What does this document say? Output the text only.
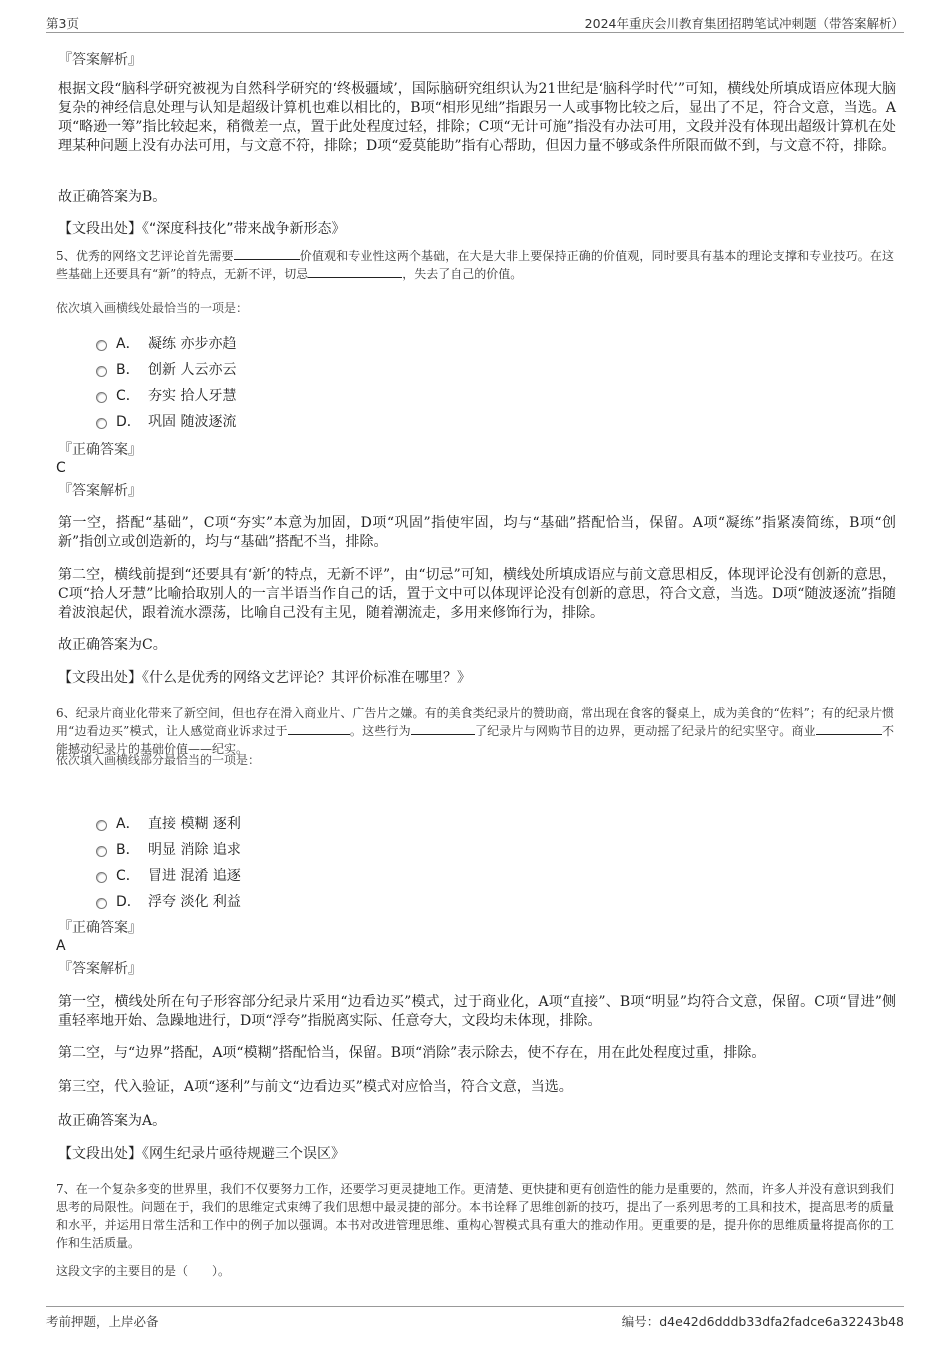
第3页	2024年重庆会川教育集团招聘笔试冲刺题（带答案解析）
『答案解析』
根据文段“脑科学研究被视为自然科学研究的‘终极疆域’，国际脑研究组织认为21世纪是‘脑科学时代’”可知，横线处所填成语应体现大脑复杂的神经信息处理与认知是超级计算机也难以相比的，B项“相形见绌”指跟另一人或事物比较之后，显出了不足，符合文意，当选。A项“略逊一筹”指比较起来，稍微差一点，置于此处程度过轻，排除；C项“无计可施”指没有办法可用，文段并没有体现出超级计算机在处理某种问题上没有办法可用，与文意不符，排除；D项“爱莫能助”指有心帮助，但因力量不够或条件所限而做不到，与文意不符，排除。
故正确答案为B。
【文段出处】《“深度科技化”带来战争新形态》
5、优秀的网络文艺评论首先需要	价值观和专业性这两个基础，在大是大非上要保持正确的价值观，同时要具有基本的理论支撑和专业技巧。在这些基础上还要具有“新”的特点，无新不评，切忌	，失去了自己的价值。
依次填入画横线处最恰当的一项是：
A． 凝练 亦步亦趋
B． 创新 人云亦云
C． 夯实 拾人牙慧
D． 巩固 随波逐流
『正确答案』
C
『答案解析』
第一空，搭配“基础”，C项“夯实”本意为加固，D项“巩固”指使牢固，均与“基础”搭配恰当，保留。A项“凝练”指紧凑简练，B项“创新”指创立或创造新的，均与“基础”搭配不当，排除。
第二空，横线前提到“还要具有‘新’的特点，无新不评”，由“切忌”可知，横线处所填成语应与前文意思相反，体现评论没有创新的意思，C项“拾人牙慧”比喻拾取别人的一言半语当作自己的话，置于文中可以体现评论没有创新的意思，符合文意，当选。D项“随波逐流”指随着波浪起伏，跟着流水漂荡，比喻自己没有主见，随着潮流走，多用来修饰行为，排除。
故正确答案为C。
【文段出处】《什么是优秀的网络文艺评论？其评价标准在哪里？》
6、纪录片商业化带来了新空间，但也存在滑入商业片、广告片之嫌。有的美食类纪录片的赞助商，常出现在食客的餐桌上，成为美食的“佐料”；有的纪录片惯用“边看边买”模式，让人感觉商业诉求过于	。这些行为	了纪录片与网购节目的边界，更动摇了纪录片的纪实坚守。商业	不能撼动纪录片的基础价值——纪实。
依次填入画横线部分最恰当的一项是：
A． 直接 模糊 逐利
B． 明显 消除 追求
C． 冒进 混淆 追逐
D． 浮夸 淡化 利益
『正确答案』
A
『答案解析』
第一空，横线处所在句子形容部分纪录片采用“边看边买”模式，过于商业化，A项“直接”、B项“明显”均符合文意，保留。C项“冒进”侧重轻率地开始、急躁地进行，D项“浮夸”指脱离实际、任意夸大，文段均未体现，排除。
第二空，与“边界”搭配，A项“模糊”搭配恰当，保留。B项“消除”表示除去，使不存在，用在此处程度过重，排除。
第三空，代入验证，A项“逐利”与前文“边看边买”模式对应恰当，符合文意，当选。
故正确答案为A。
【文段出处】《网生纪录片亟待规避三个误区》
7、在一个复杂多变的世界里，我们不仅要努力工作，还要学习更灵捷地工作。更清楚、更快捷和更有创造性的能力是重要的，然而，许多人并没有意识到我们思考的局限性。问题在于，我们的思维定式束缚了我们思想中最灵捷的部分。本书诠释了思维创新的技巧，提出了一系列思考的工具和技术，提高思考的质量和水平，并运用日常生活和工作中的例子加以强调。本书对改进管理思维、重构心智模式具有重大的推动作用。更重要的是，提升你的思维质量将提高你的工作和生活质量。
这段文字的主要目的是（　　）。
考前押题，上岸必备	编号：d4e42d6dddb33dfa2fadce6a32243b48
